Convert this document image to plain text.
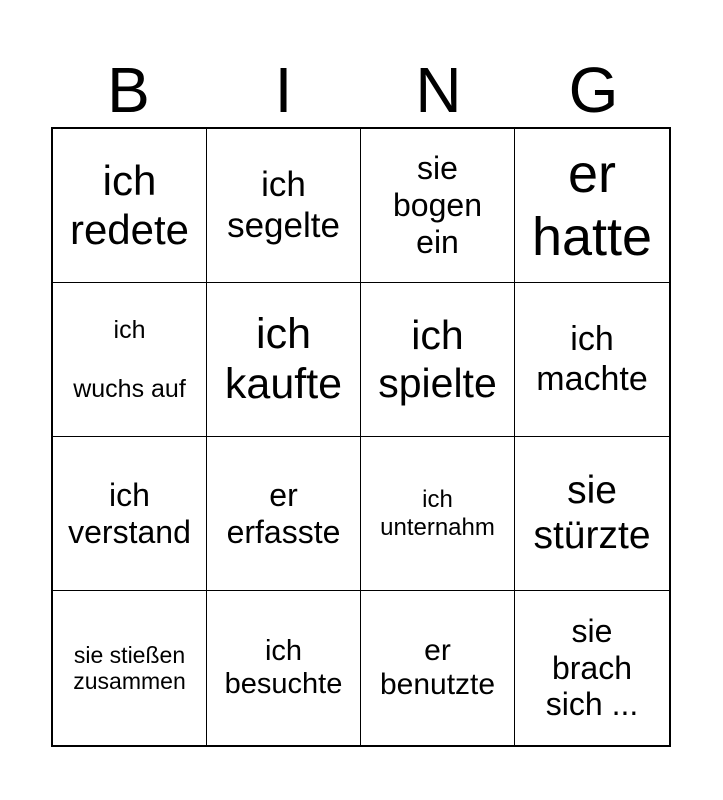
B	I	N	G
ich
redete
ich
segelte
sie
bogen
ein
er
hatte
ich
wuchs auf
ich
kaufte
ich
spielte
ich
machte
ich
verstand
er
erfasste
ich
unternahm
sie
stürzte
sie stießen
zusammen
ich
besuchte
er
benutzte
sie
brach
sich ...
